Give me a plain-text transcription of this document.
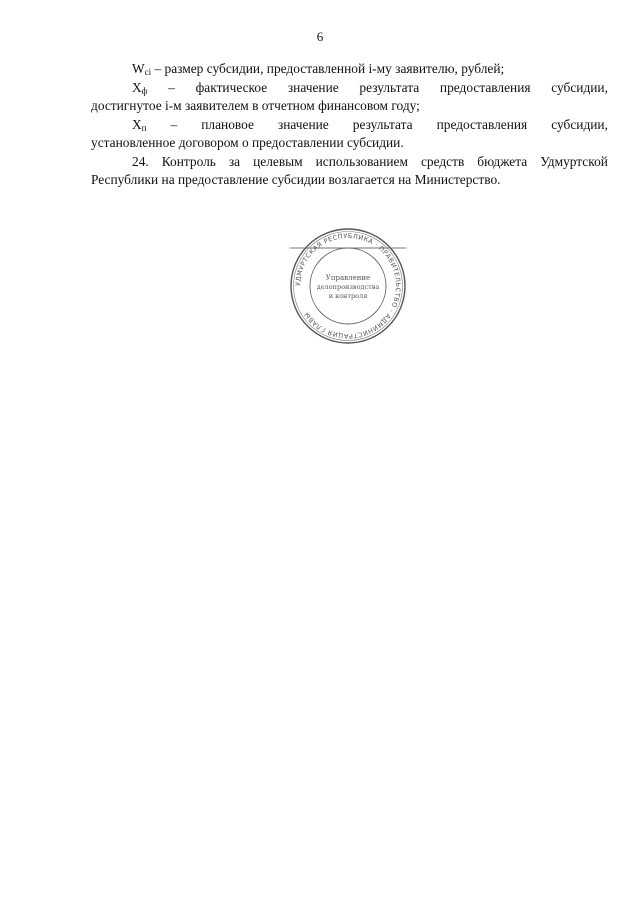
6

$W_{ci}$ – размер субсидии, предоставленной i-му заявителю, рублей;

$X_ф$ – фактическое значение результата предоставления субсидии,
достигнутое i-м заявителем в отчетном финансовом году;
$X_п$ – плановое значение результата предоставления субсидии,
установленное договором о предоставлении субсидии.
24. Контроль за целевым использованием средств бюджета Удмуртской
Республики на предоставление субсидии возлагается на Министерство.
УДМУРТСКАЯ РЕСПУБЛИКА · ПРАВИТЕЛЬСТВО · АДМИНИСТРАЦИЯ ГЛАВЫ
Управление
делопроизводства
и контроля
